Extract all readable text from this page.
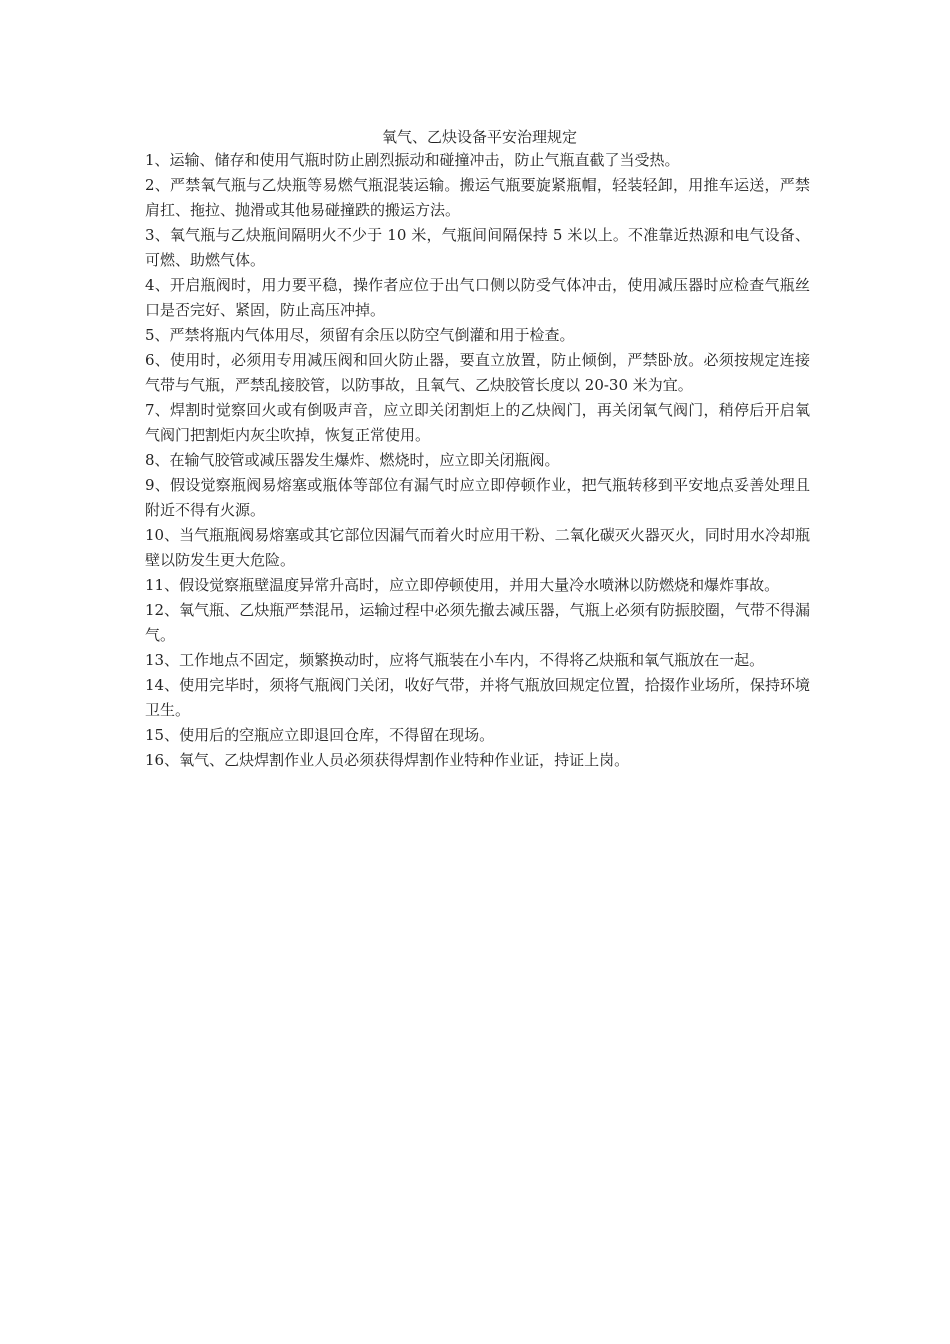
氧气、乙炔设备平安治理规定

1、运输、储存和使用气瓶时防止剧烈振动和碰撞冲击，防止气瓶直截了当受热。

2、严禁氧气瓶与乙炔瓶等易燃气瓶混装运输。搬运气瓶要旋紧瓶帽，轻装轻卸，用推车运送，严禁肩扛、拖拉、抛滑或其他易碰撞跌的搬运方法。

3、氧气瓶与乙炔瓶间隔明火不少于 10 米，气瓶间间隔保持 5 米以上。不准靠近热源和电气设备、可燃、助燃气体。

4、开启瓶阀时，用力要平稳，操作者应位于出气口侧以防受气体冲击，使用减压器时应检查气瓶丝口是否完好、紧固，防止高压冲掉。

5、严禁将瓶内气体用尽，须留有余压以防空气倒灌和用于检查。

6、使用时，必须用专用减压阀和回火防止器，要直立放置，防止倾倒，严禁卧放。必须按规定连接气带与气瓶，严禁乱接胶管，以防事故，且氧气、乙炔胶管长度以 20-30 米为宜。

7、焊割时觉察回火或有倒吸声音，应立即关闭割炬上的乙炔阀门，再关闭氧气阀门，稍停后开启氧气阀门把割炬内灰尘吹掉，恢复正常使用。

8、在输气胶管或减压器发生爆炸、燃烧时，应立即关闭瓶阀。

9、假设觉察瓶阀易熔塞或瓶体等部位有漏气时应立即停顿作业，把气瓶转移到平安地点妥善处理且附近不得有火源。

10、当气瓶瓶阀易熔塞或其它部位因漏气而着火时应用干粉、二氧化碳灭火器灭火，同时用水冷却瓶壁以防发生更大危险。

11、假设觉察瓶壁温度异常升高时，应立即停顿使用，并用大量冷水喷淋以防燃烧和爆炸事故。

12、氧气瓶、乙炔瓶严禁混吊，运输过程中必须先撤去减压器，气瓶上必须有防振胶圈，气带不得漏气。

13、工作地点不固定，频繁换动时，应将气瓶装在小车内，不得将乙炔瓶和氧气瓶放在一起。

14、使用完毕时，须将气瓶阀门关闭，收好气带，并将气瓶放回规定位置，拾掇作业场所，保持环境卫生。

15、使用后的空瓶应立即退回仓库，不得留在现场。

16、氧气、乙炔焊割作业人员必须获得焊割作业特种作业证，持证上岗。
